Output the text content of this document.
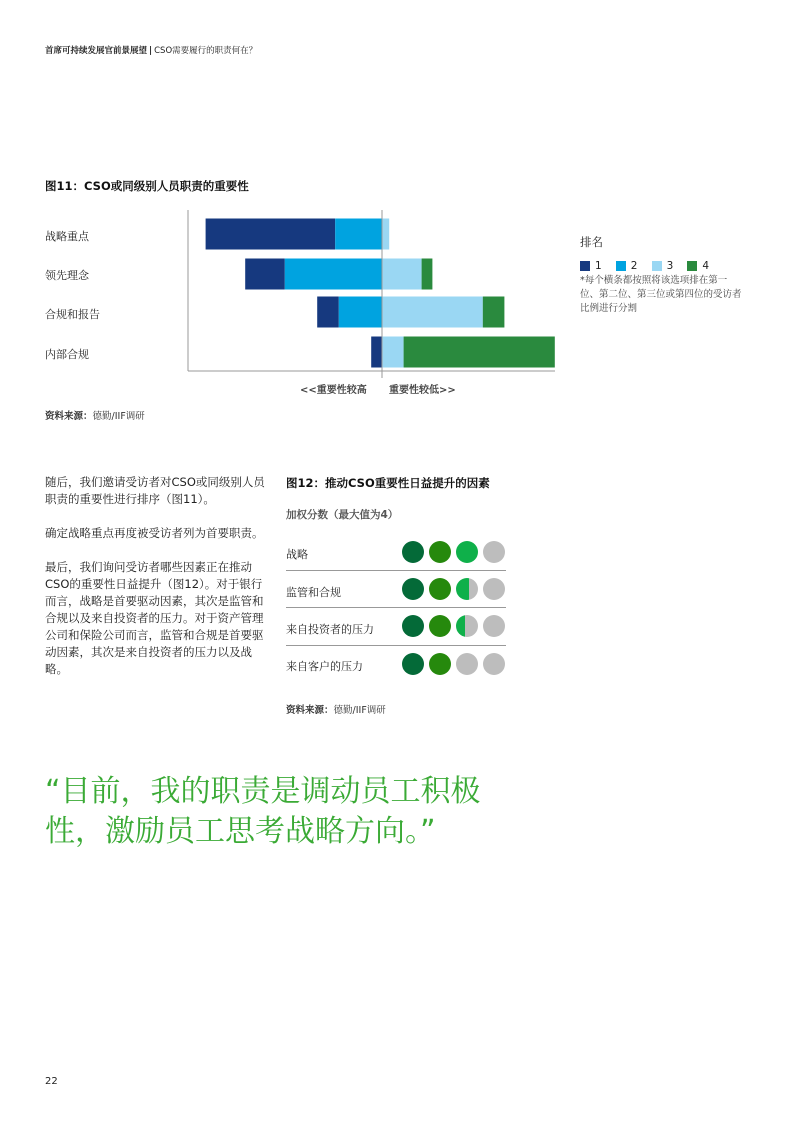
首席可持续发展官前景展望 | CSO需要履行的职责何在？
图11：CSO或同级别人员职责的重要性
战略重点
领先理念
合规和报告
内部合规
<<重要性较高 重要性较低>>
资料来源：德勤/IIF调研
排名
1
	2
	3
	4
*每个横条都按照将该选项排在第一位、第二位、第三位或第四位的受访者比例进行分割

随后，我们邀请受访者对CSO或同级别人员职责的重要性进行排序（图11）。

确定战略重点再度被受访者列为首要职责。

最后，我们询问受访者哪些因素正在推动CSO的重要性日益提升（图12）。对于银行而言，战略是首要驱动因素，其次是监管和合规以及来自投资者的压力。对于资产管理公司和保险公司而言，监管和合规是首要驱动因素，其次是来自投资者的压力以及战略。

图12：推动CSO重要性日益提升的因素
加权分数（最大值为4）
战略
监管和合规
来自投资者的压力
来自客户的压力
资料来源：德勤/IIF调研
“目前，我的职责是调动员工积极性，激励员工思考战略方向。”
22
